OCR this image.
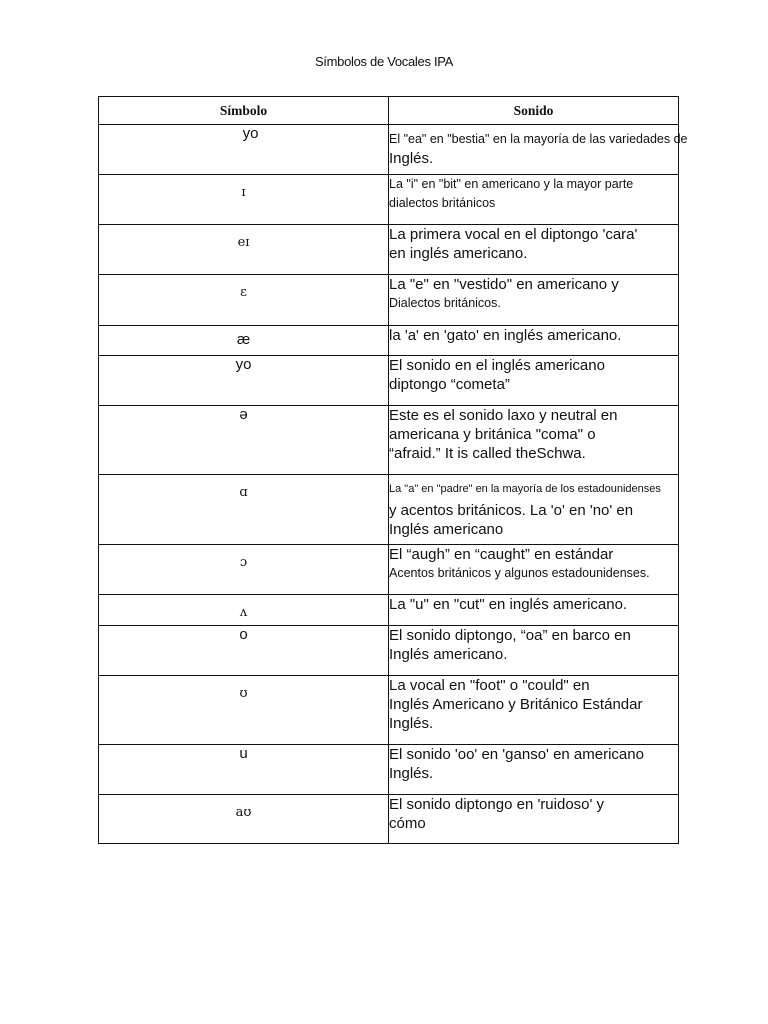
Símbolos de Vocales IPA
Símbolo	Sonido
yo	El "ea" en "bestia" en la mayoría de las variedades de
Inglés.

ɪ	La "i" en "bit" en americano y la mayor parte
dialectos británicos

eɪ	La primera vocal en el diptongo 'cara'
en inglés americano.

ɛ	La "e" en "vestido" en americano y
Dialectos británicos.

æ	la 'a' en 'gato' en inglés americano.

yo	El sonido en el inglés americano
diptongo “cometa”

ə	Este es el sonido laxo y neutral en
americana y británica "coma" o
“afraid.” It is called theSchwa.

ɑ	La "a" en "padre" en la mayoría de los estadounidenses
y acentos británicos. La 'o' en 'no' en
Inglés americano

ɔ	El “augh” en “caught” en estándar
Acentos británicos y algunos estadounidenses.

ʌ	La "u" en "cut" en inglés americano.

o	El sonido diptongo, “oa” en barco en
Inglés americano.

ʊ	La vocal en "foot" o "could" en
Inglés Americano y Británico Estándar
Inglés.

u	El sonido 'oo' en 'ganso' en americano
Inglés.

aʊ	El sonido diptongo en 'ruidoso' y
cómo
